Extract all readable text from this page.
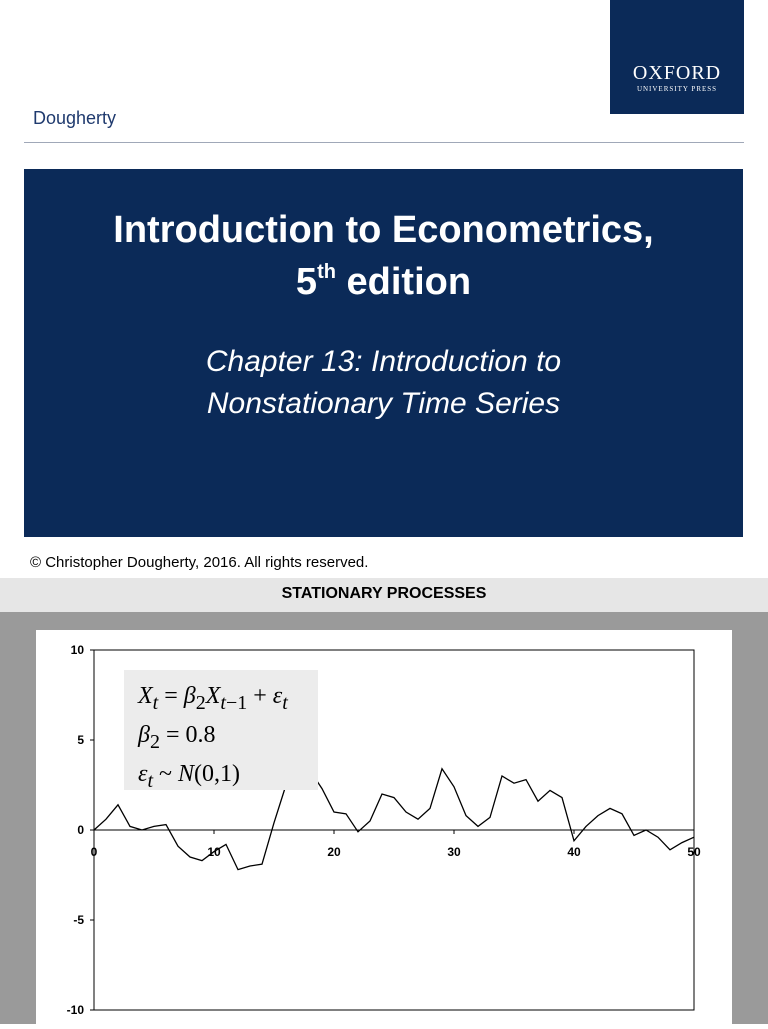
OXFORD
UNIVERSITY PRESS
Dougherty
Introduction to Econometrics,
5th edition
Chapter 13: Introduction to
Nonstationary Time Series
© Christopher Dougherty, 2016. All rights reserved.
STATIONARY PROCESSES
10
5
0
-5
-10
0	10	20	30	40	50
$X_t = \beta_2X_{t-1} + \varepsilon_t$
$\beta_2 = 0.8$
$\varepsilon_t$ ~ N(0,1)
